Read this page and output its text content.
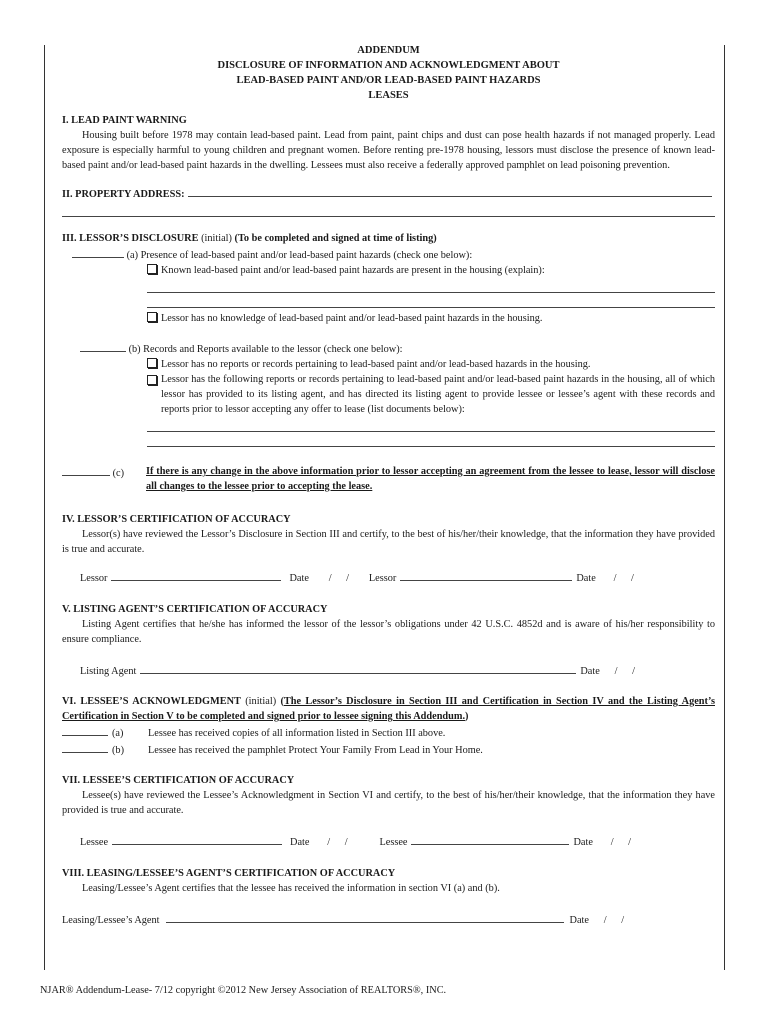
ADDENDUM
DISCLOSURE OF INFORMATION AND ACKNOWLEDGMENT ABOUT
LEAD-BASED PAINT AND/OR LEAD-BASED PAINT HAZARDS
LEASES
I. LEAD PAINT WARNING
Housing built before 1978 may contain lead-based paint. Lead from paint, paint chips and dust can pose health hazards if not managed properly. Lead exposure is especially harmful to young children and pregnant women. Before renting pre-1978 housing, lessors must disclose the presence of known lead-based paint and/or lead-based paint hazards in the dwelling. Lessees must also receive a federally approved pamphlet on lead poisoning prevention.
II. PROPERTY ADDRESS:
III. LESSOR’S DISCLOSURE (initial) (To be completed and signed at time of listing)
(a) Presence of lead-based paint and/or lead-based paint hazards (check one below):
Known lead-based paint and/or lead-based paint hazards are present in the housing (explain):
Lessor has no knowledge of lead-based paint and/or lead-based paint hazards in the housing.
(b) Records and Reports available to the lessor (check one below):
Lessor has no reports or records pertaining to lead-based paint and/or lead-based hazards in the housing.
Lessor has the following reports or records pertaining to lead-based paint and/or lead-based paint hazards in the housing, all of which lessor has provided to its listing agent, and has directed its listing agent to provide lessee or lessee’s agent with these records and reports prior to lessor accepting any offer to lease (list documents below):
(c)	If there is any change in the above information prior to lessor accepting an agreement from the lessee to lease, lessor will disclose all changes to the lessee prior to accepting the lease.
IV. LESSOR’S CERTIFICATION OF ACCURACY
Lessor(s) have reviewed the Lessor’s Disclosure in Section III and certify, to the best of his/her/their knowledge, that the information they have provided is true and accurate.
Lessor	Date	/ /	Lessor	Date	/ /
V. LISTING AGENT’S CERTIFICATION OF ACCURACY
Listing Agent certifies that he/she has informed the lessor of the lessor’s obligations under 42 U.S.C. 4852d and is aware of his/her responsibility to ensure compliance.
Listing Agent	Date	/ /
VI. LESSEE’S ACKNOWLEDGMENT (initial) (The Lessor’s Disclosure in Section III and Certification in Section IV and the Listing Agent’s Certification in Section V to be completed and signed prior to lessee signing this Addendum.)
(a)	Lessee has received copies of all information listed in Section III above.
(b)	Lessee has received the pamphlet Protect Your Family From Lead in Your Home.
VII. LESSEE’S CERTIFICATION OF ACCURACY
Lessee(s) have reviewed the Lessee’s Acknowledgment in Section VI and certify, to the best of his/her/their knowledge, that the information they have provided is true and accurate.
Lessee	Date	/ /	Lessee	Date	/ /
VIII. LEASING/LESSEE’S AGENT’S CERTIFICATION OF ACCURACY
Leasing/Lessee’s Agent certifies that the lessee has received the information in section VI (a) and (b).
Leasing/Lessee’s Agent	Date	/ /
NJAR® Addendum-Lease- 7/12 copyright ©2012 New Jersey Association of REALTORS®, INC.
